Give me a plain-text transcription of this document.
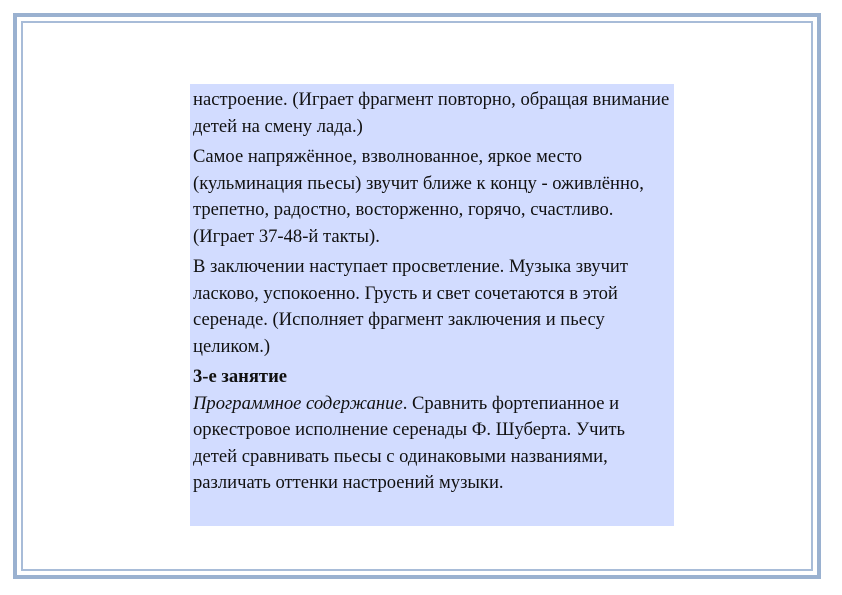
настроение. (Играет фрагмент повторно, обращая внимание детей на смену лада.)

Самое напряжённое, взволнованное, яркое место (кульминация пьесы) звучит ближе к концу - оживлённо, трепетно, радостно, восторженно, горячо, счастливо. (Играет 37-48-й такты).

В заключении наступает просветление. Музыка звучит ласково, успокоенно. Грусть и свет сочетаются в этой серенаде. (Исполняет фрагмент заключения и пьесу целиком.)

3-е занятие

Программное содержание. Сравнить фортепианное и оркестровое исполнение серенады Ф. Шуберта. Учить детей сравнивать пьесы с одинаковыми названиями, различать оттенки настроений музыки.
